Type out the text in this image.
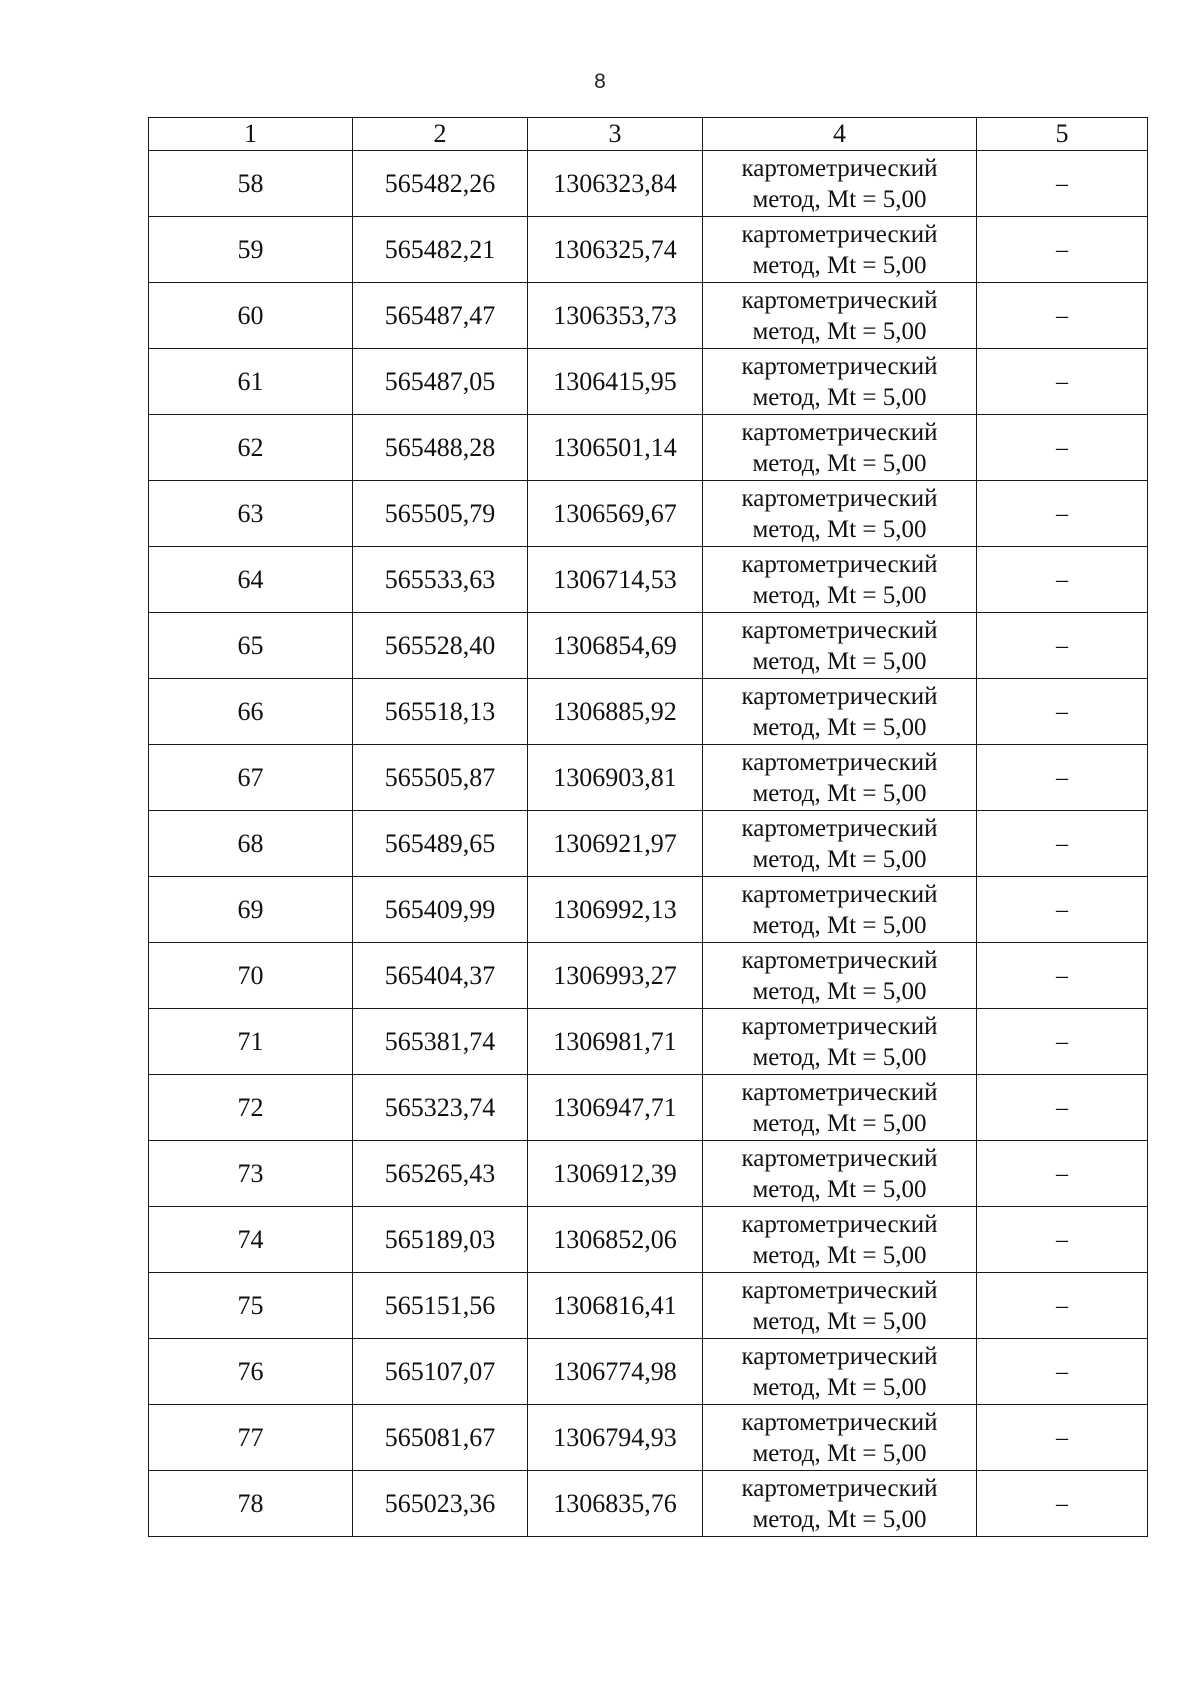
8
1	2	3	4	5
58	565482,26	1306323,84	картометрический
метод, Mt = 5,00	–
59	565482,21	1306325,74	картометрический
метод, Mt = 5,00	–
60	565487,47	1306353,73	картометрический
метод, Mt = 5,00	–
61	565487,05	1306415,95	картометрический
метод, Mt = 5,00	–
62	565488,28	1306501,14	картометрический
метод, Mt = 5,00	–
63	565505,79	1306569,67	картометрический
метод, Mt = 5,00	–
64	565533,63	1306714,53	картометрический
метод, Mt = 5,00	–
65	565528,40	1306854,69	картометрический
метод, Mt = 5,00	–
66	565518,13	1306885,92	картометрический
метод, Mt = 5,00	–
67	565505,87	1306903,81	картометрический
метод, Mt = 5,00	–
68	565489,65	1306921,97	картометрический
метод, Mt = 5,00	–
69	565409,99	1306992,13	картометрический
метод, Mt = 5,00	–
70	565404,37	1306993,27	картометрический
метод, Mt = 5,00	–
71	565381,74	1306981,71	картометрический
метод, Mt = 5,00	–
72	565323,74	1306947,71	картометрический
метод, Mt = 5,00	–
73	565265,43	1306912,39	картометрический
метод, Mt = 5,00	–
74	565189,03	1306852,06	картометрический
метод, Mt = 5,00	–
75	565151,56	1306816,41	картометрический
метод, Mt = 5,00	–
76	565107,07	1306774,98	картометрический
метод, Mt = 5,00	–
77	565081,67	1306794,93	картометрический
метод, Mt = 5,00	–
78	565023,36	1306835,76	картометрический
метод, Mt = 5,00	–
